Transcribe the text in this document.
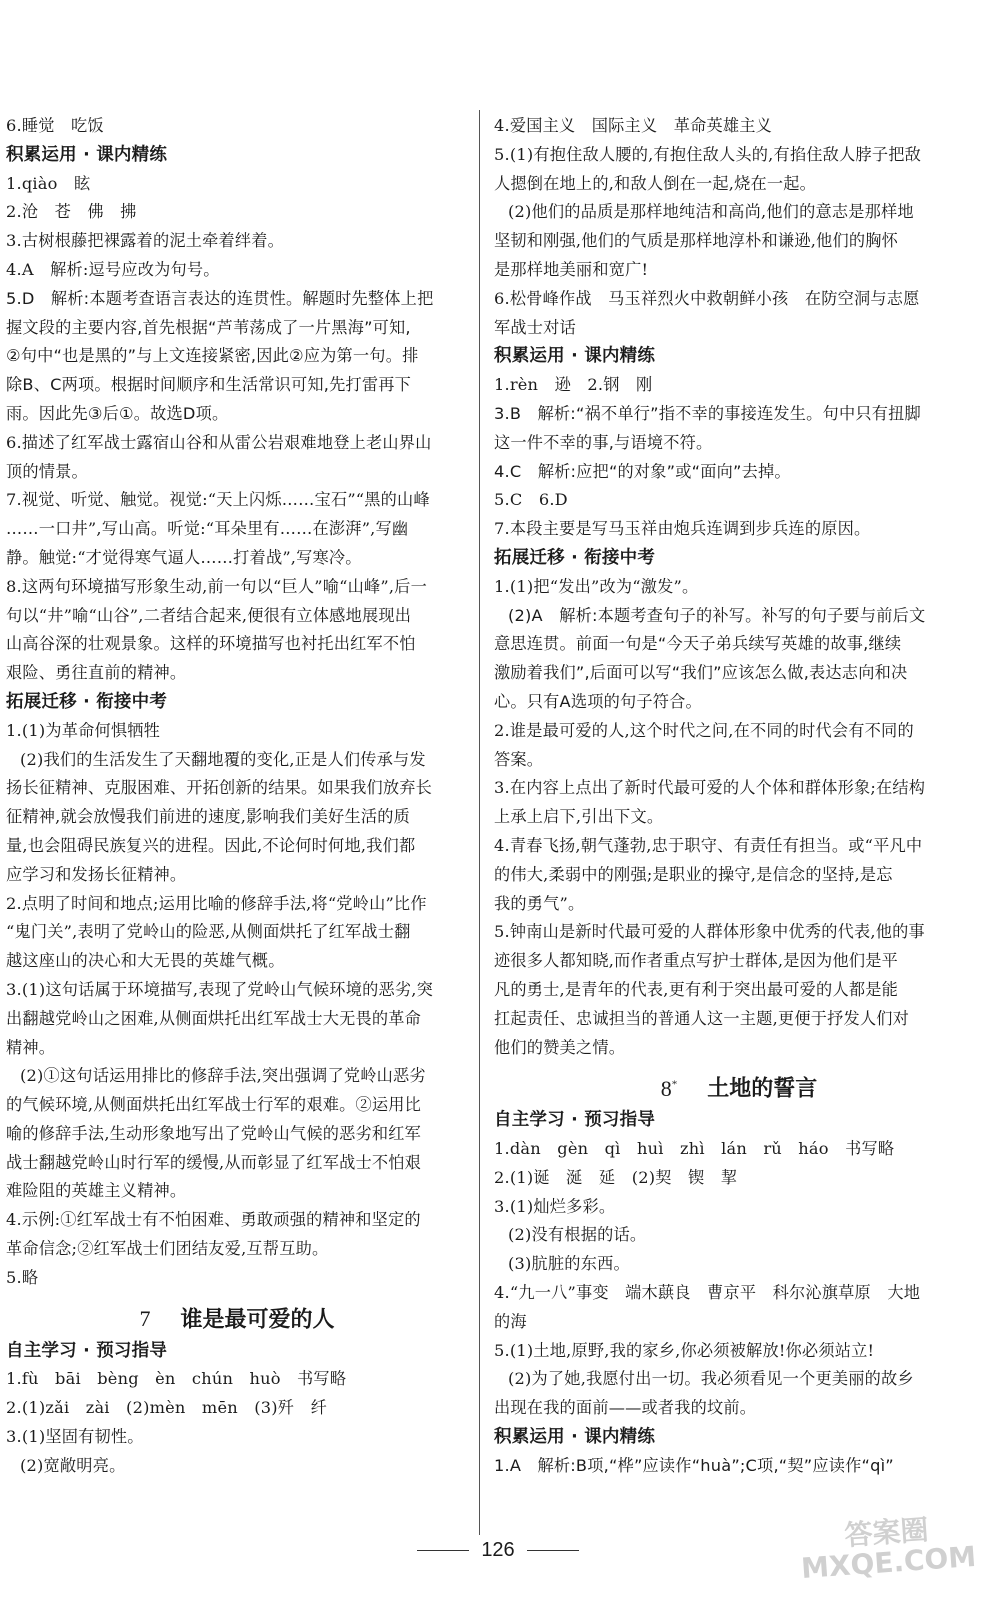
6.睡觉　吃饭
积累运用 · 课内精练
1.qiào　眩
2.沧　苍　佛　拂
3.古树根藤把裸露着的泥土牵着绊着。
4.A　解析:逗号应改为句号。
5.D　解析:本题考查语言表达的连贯性。解题时先整体上把
握文段的主要内容,首先根据“芦苇荡成了一片黑海”可知,
②句中“也是黑的”与上文连接紧密,因此②应为第一句。排
除B、C两项。根据时间顺序和生活常识可知,先打雷再下
雨。因此先③后①。故选D项。
6.描述了红军战士露宿山谷和从雷公岩艰难地登上老山界山
顶的情景。
7.视觉、听觉、触觉。视觉:“天上闪烁……宝石”“黑的山峰
……一口井”,写山高。听觉:“耳朵里有……在澎湃”,写幽
静。触觉:“才觉得寒气逼人……打着战”,写寒冷。
8.这两句环境描写形象生动,前一句以“巨人”喻“山峰”,后一
句以“井”喻“山谷”,二者结合起来,便很有立体感地展现出
山高谷深的壮观景象。这样的环境描写也衬托出红军不怕
艰险、勇往直前的精神。
拓展迁移 · 衔接中考
1.(1)为革命何惧牺牲
(2)我们的生活发生了天翻地覆的变化,正是人们传承与发
扬长征精神、克服困难、开拓创新的结果。如果我们放弃长
征精神,就会放慢我们前进的速度,影响我们美好生活的质
量,也会阻碍民族复兴的进程。因此,不论何时何地,我们都
应学习和发扬长征精神。
2.点明了时间和地点;运用比喻的修辞手法,将“党岭山”比作
“鬼门关”,表明了党岭山的险恶,从侧面烘托了红军战士翻
越这座山的决心和大无畏的英雄气概。
3.(1)这句话属于环境描写,表现了党岭山气候环境的恶劣,突
出翻越党岭山之困难,从侧面烘托出红军战士大无畏的革命
精神。
(2)①这句话运用排比的修辞手法,突出强调了党岭山恶劣
的气候环境,从侧面烘托出红军战士行军的艰难。②运用比
喻的修辞手法,生动形象地写出了党岭山气候的恶劣和红军
战士翻越党岭山时行军的缓慢,从而彰显了红军战士不怕艰
难险阻的英雄主义精神。
4.示例:①红军战士有不怕困难、勇敢顽强的精神和坚定的
革命信念;②红军战士们团结友爱,互帮互助。
5.略
7 谁是最可爱的人
自主学习 · 预习指导
1.fù　bāi　bèng　èn　chún　huò　书写略
2.(1)zǎi　zài　(2)mèn　mēn　(3)歼　纤
3.(1)坚固有韧性。
(2)宽敞明亮。
4.爱国主义　国际主义　革命英雄主义
5.(1)有抱住敌人腰的,有抱住敌人头的,有掐住敌人脖子把敌
人摁倒在地上的,和敌人倒在一起,烧在一起。
(2)他们的品质是那样地纯洁和高尚,他们的意志是那样地
坚韧和刚强,他们的气质是那样地淳朴和谦逊,他们的胸怀
是那样地美丽和宽广!
6.松骨峰作战　马玉祥烈火中救朝鲜小孩　在防空洞与志愿
军战士对话
积累运用 · 课内精练
1.rèn　逊　2.钢　刚
3.B　解析:“祸不单行”指不幸的事接连发生。句中只有扭脚
这一件不幸的事,与语境不符。
4.C　解析:应把“的对象”或“面向”去掉。
5.C　6.D
7.本段主要是写马玉祥由炮兵连调到步兵连的原因。
拓展迁移 · 衔接中考
1.(1)把“发出”改为“激发”。
(2)A　解析:本题考查句子的补写。补写的句子要与前后文
意思连贯。前面一句是“今天子弟兵续写英雄的故事,继续
激励着我们”,后面可以写“我们”应该怎么做,表达志向和决
心。只有A选项的句子符合。
2.谁是最可爱的人,这个时代之问,在不同的时代会有不同的
答案。
3.在内容上点出了新时代最可爱的人个体和群体形象;在结构
上承上启下,引出下文。
4.青春飞扬,朝气蓬勃,忠于职守、有责任有担当。或“平凡中
的伟大,柔弱中的刚强;是职业的操守,是信念的坚持,是忘
我的勇气”。
5.钟南山是新时代最可爱的人群体形象中优秀的代表,他的事
迹很多人都知晓,而作者重点写护士群体,是因为他们是平
凡的勇士,是青年的代表,更有利于突出最可爱的人都是能
扛起责任、忠诚担当的普通人这一主题,更便于抒发人们对
他们的赞美之情。
8* 土地的誓言
自主学习 · 预习指导
1.dàn　gèn　qì　huì　zhì　lán　rǔ　háo　书写略
2.(1)诞　涎　延　(2)契　锲　挈
3.(1)灿烂多彩。
(2)没有根据的话。
(3)肮脏的东西。
4.“九一八”事变　端木蕻良　曹京平　科尔沁旗草原　大地
的海
5.(1)土地,原野,我的家乡,你必须被解放!你必须站立!
(2)为了她,我愿付出一切。我必须看见一个更美丽的故乡
出现在我的面前——或者我的坟前。
积累运用 · 课内精练
1.A　解析:B项,“桦”应读作“huà”;C项,“契”应读作“qì”
126	答案圈
MXQE.COM
